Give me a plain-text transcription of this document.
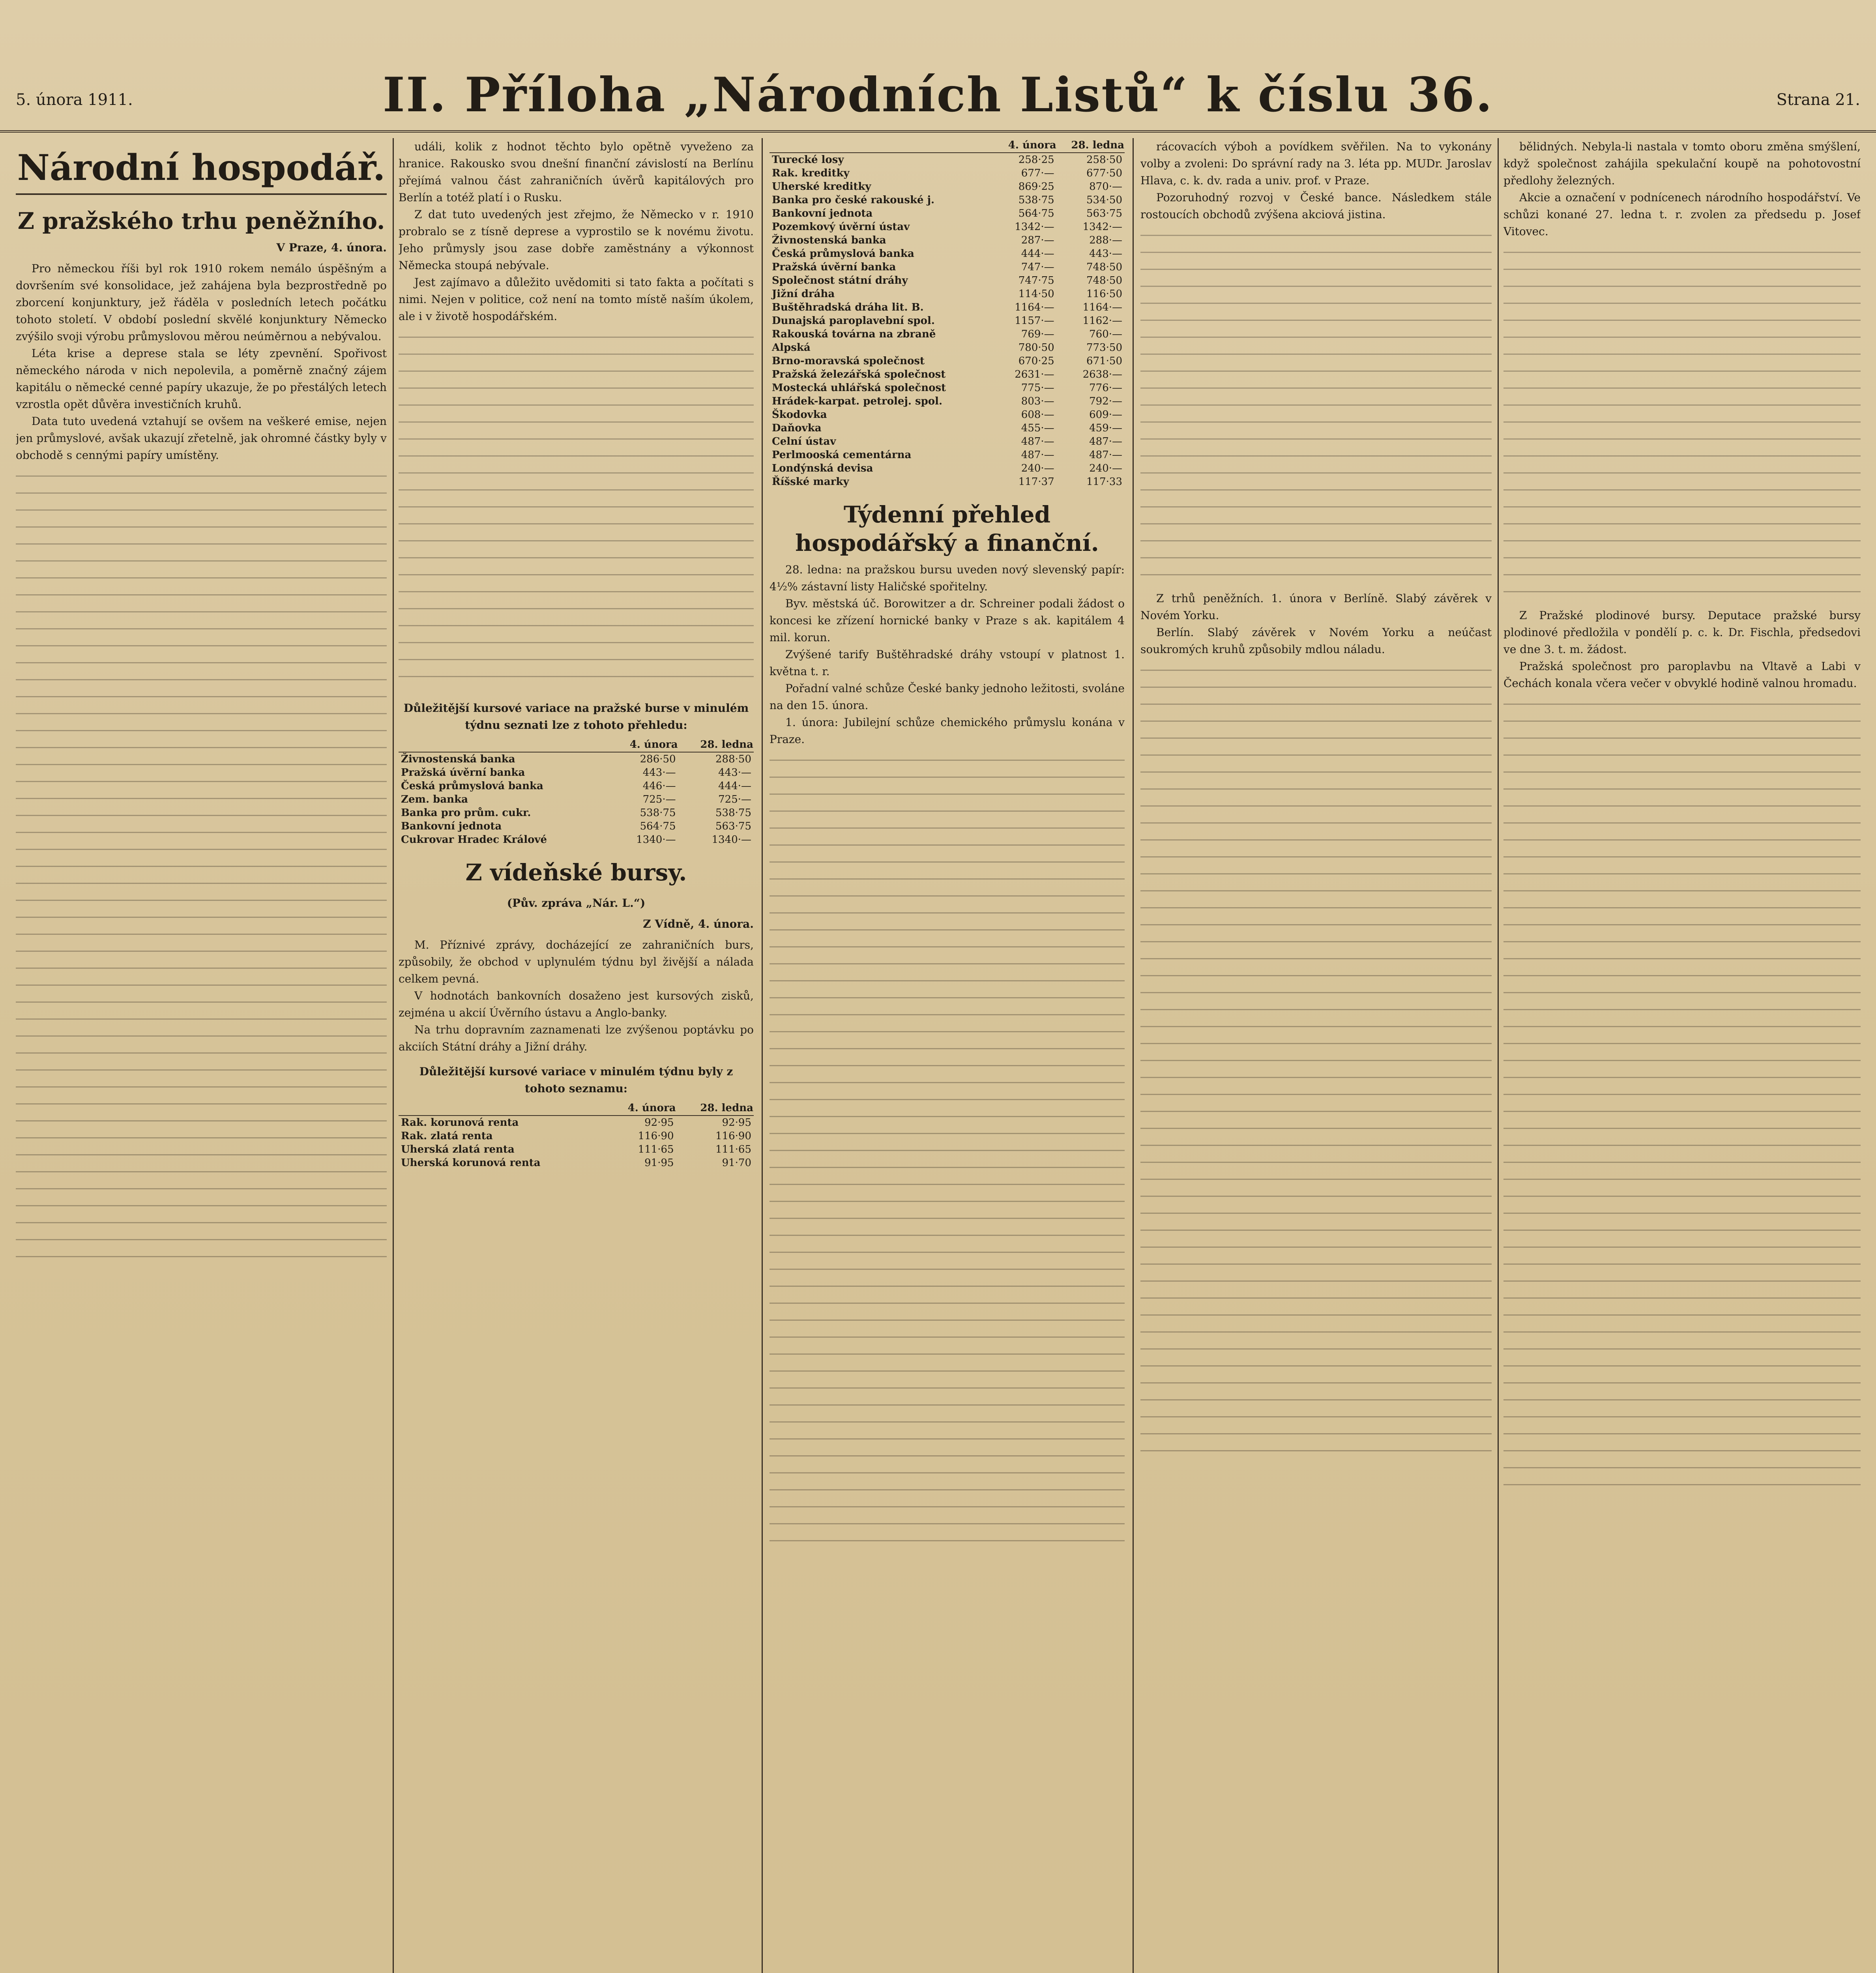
5. února 1911.	II. Příloha „Národních Listů“ k číslu 36.	Strana 21.
Národní hospodář.
Z pražského trhu peněžního.
V Praze, 4. února.

Pro německou říši byl rok 1910 rokem nemálo úspěšným a dovršením své konsolidace, jež zahájena byla bezprostředně po zborcení konjunktury, jež řáděla v posledních letech počátku tohoto století. V období poslední skvělé konjunktury Německo zvýšilo svoji výrobu průmyslovou měrou neúměrnou a nebývalou.

Léta krise a deprese stala se léty zpevnění. Spořivost německého národa v nich nepolevila, a poměrně značný zájem kapitálu o německé cenné papíry ukazuje, že po přestálých letech vzrostla opět důvěra investičních kruhů.

Data tuto uvedená vztahují se ovšem na veškeré emise, nejen jen průmyslové, avšak ukazují zřetelně, jak ohromné částky byly v obchodě s cennými papíry umístěny.

událi, kolik z hodnot těchto bylo opětně vyveženo za hranice. Rakousko svou dnešní finanční závislostí na Berlínu přejímá valnou část zahraničních úvěrů kapitálových pro Berlín a totéž platí i o Rusku.

Z dat tuto uvedených jest zřejmo, že Německo v r. 1910 probralo se z tísně deprese a vyprostilo se k novému životu. Jeho průmysly jsou zase dobře zaměstnány a výkonnost Německa stoupá nebývale.

Jest zajímavo a důležito uvědomiti si tato fakta a počítati s nimi. Nejen v politice, což není na tomto místě naším úkolem, ale i v životě hospodářském.

Důležitější kursové variace na pražské burse v minulém týdnu seznati lze z tohoto přehledu:
	4. února	28. ledna
Živnostenská banka	286·50	288·50
Pražská úvěrní banka	443·—	443·—
Česká průmyslová banka	446·—	444·—
Zem. banka	725·—	725·—
Banka pro prům. cukr.	538·75	538·75
Bankovní jednota	564·75	563·75
Cukrovar Hradec Králové	1340·—	1340·—
Z vídeňské bursy.
(Pův. zpráva „Nár. L.“)
Z Vídně, 4. února.

M. Příznivé zprávy, docházející ze zahraničních burs, způsobily, že obchod v uplynulém týdnu byl živější a nálada celkem pevná.

V hodnotách bankovních dosaženo jest kursových zisků, zejména u akcií Úvěrního ústavu a Anglo-banky.

Na trhu dopravním zaznamenati lze zvýšenou poptávku po akciích Státní dráhy a Jižní dráhy.

Důležitější kursové variace v minulém týdnu byly z tohoto seznamu:
	4. února	28. ledna
Rak. korunová renta	92·95	92·95
Rak. zlatá renta	116·90	116·90
Uherská zlatá renta	111·65	111·65
Uherská korunová renta	91·95	91·70
	4. února	28. ledna
Turecké losy	258·25	258·50
Rak. kreditky	677·—	677·50
Uherské kreditky	869·25	870·—
Banka pro české rakouské j.	538·75	534·50
Bankovní jednota	564·75	563·75
Pozemkový úvěrní ústav	1342·—	1342·—
Živnostenská banka	287·—	288·—
Česká průmyslová banka	444·—	443·—
Pražská úvěrní banka	747·—	748·50
Společnost státní dráhy	747·75	748·50
Jižní dráha	114·50	116·50
Buštěhradská dráha lit. B.	1164·—	1164·—
Dunajská paroplavební spol.	1157·—	1162·—
Rakouská továrna na zbraně	769·—	760·—
Alpská	780·50	773·50
Brno-moravská společnost	670·25	671·50
Pražská železářská společnost	2631·—	2638·—
Mostecká uhlářská společnost	775·—	776·—
Hrádek-karpat. petrolej. spol.	803·—	792·—
Škodovka	608·—	609·—
Daňovka	455·—	459·—
Celní ústav	487·—	487·—
Perlmooská cementárna	487·—	487·—
Londýnská devisa	240·—	240·—
Říšské marky	117·37	117·33
Týdenní přehled hospodářský a finanční.

28. ledna: na pražskou bursu uveden nový slevenský papír: 4½% zástavní listy Haličské spořitelny.

Byv. městská úč. Borowitzer a dr. Schreiner podali žádost o koncesi ke zřízení hornické banky v Praze s ak. kapitálem 4 mil. korun.

Zvýšené tarify Buštěhradské dráhy vstoupí v platnost 1. května t. r.

Pořadní valné schůze České banky jednoho ležitosti, svoláne na den 15. února.

1. února: Jubilejní schůze chemického průmyslu konána v Praze.

rácovacích výboh a povídkem svěřilen. Na to vykonány volby a zvoleni: Do správní rady na 3. léta pp. MUDr. Jaroslav Hlava, c. k. dv. rada a univ. prof. v Praze.

Pozoruhodný rozvoj v České bance. Následkem stále rostoucích obchodů zvýšena akciová jistina.

Z trhů peněžních. 1. února v Berlíně. Slabý závěrek v Novém Yorku.

Berlín. Slabý závěrek v Novém Yorku a neúčast soukromých kruhů způsobily mdlou náladu.

bělidných. Nebyla-li nastala v tomto oboru změna smýšlení, když společnost zahájila spekulační koupě na pohotovostní předlohy železných.

Akcie a označení v podnícenech národního hospodářství. Ve schůzi konané 27. ledna t. r. zvolen za předsedu p. Josef Vitovec.

Z Pražské plodinové bursy. Deputace pražské bursy plodinové předložila v pondělí p. c. k. Dr. Fischla, předsedovi ve dne 3. t. m. žádost.

Pražská společnost pro paroplavbu na Vltavě a Labi v Čechách konala včera večer v obvyklé hodině valnou hromadu.
